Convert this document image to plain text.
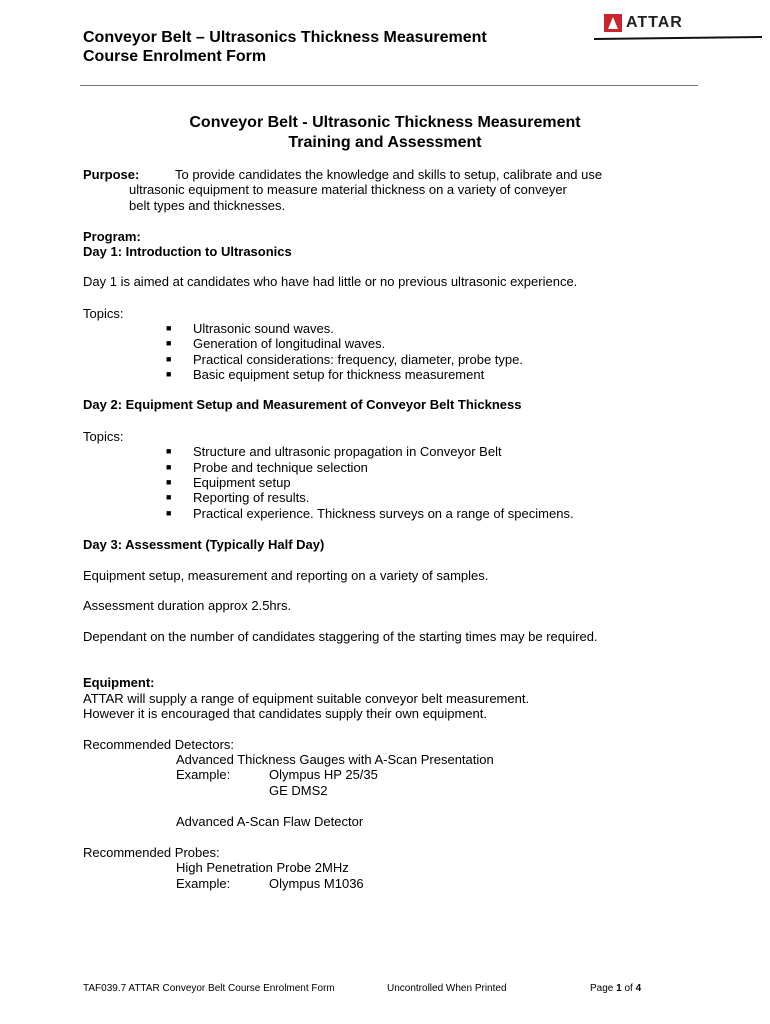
Conveyor Belt – Ultrasonics Thickness Measurement
Course Enrolment Form
ATTAR
Conveyor Belt - Ultrasonic Thickness Measurement
Training and Assessment
Purpose:	To provide candidates the knowledge and skills to setup, calibrate and use
ultrasonic equipment to measure material thickness on a variety of conveyer
belt types and thicknesses.
Program:
Day 1: Introduction to Ultrasonics
Day 1 is aimed at candidates who have had little or no previous ultrasonic experience.
Topics:
■ Ultrasonic sound waves.
■ Generation of longitudinal waves.
■ Practical considerations: frequency, diameter, probe type.
■ Basic equipment setup for thickness measurement
Day 2: Equipment Setup and Measurement of Conveyor Belt Thickness
Topics:
■ Structure and ultrasonic propagation in Conveyor Belt
■ Probe and technique selection
■ Equipment setup
■ Reporting of results.
■ Practical experience. Thickness surveys on a range of specimens.
Day 3: Assessment (Typically Half Day)
Equipment setup, measurement and reporting on a variety of samples.
Assessment duration approx 2.5hrs.
Dependant on the number of candidates staggering of the starting times may be required.
Equipment:
ATTAR will supply a range of equipment suitable conveyor belt measurement.
However it is encouraged that candidates supply their own equipment.
Recommended Detectors:
Advanced Thickness Gauges with A-Scan Presentation
Example:	Olympus HP 25/35
GE DMS2
Advanced A-Scan Flaw Detector
Recommended Probes:
High Penetration Probe 2MHz
Example:	Olympus M1036
TAF039.7 ATTAR Conveyor Belt Course Enrolment Form	Uncontrolled When Printed	Page 1 of 4
